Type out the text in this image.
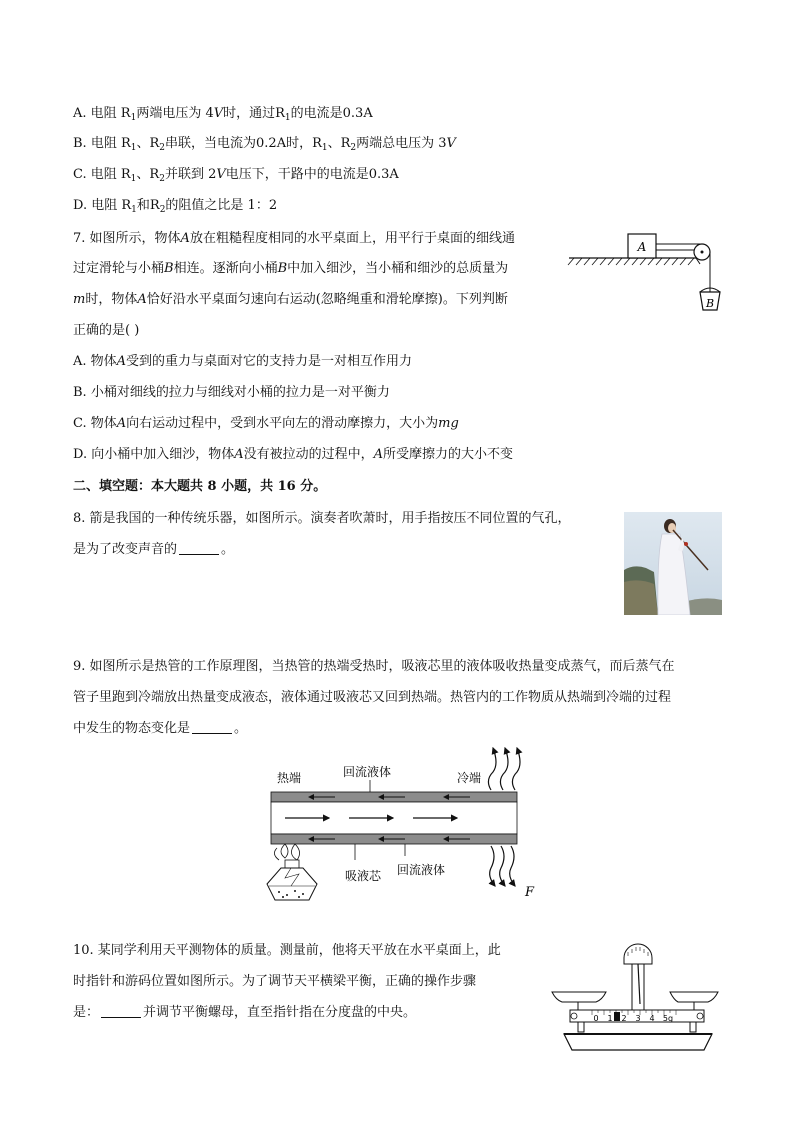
A. 电阻 $R_1$两端电压为 4V时，通过$R_1$的电流是0.3A
B. 电阻 $R_1$、$R_2$串联，当电流为0.2A时，$R_1$、$R_2$两端总电压为 3V
C. 电阻 $R_1$、$R_2$并联到 2V电压下，干路中的电流是0.3A
D. 电阻 $R_1$和$R_2$的阻值之比是 1：2
7. 如图所示，物体A放在粗糙程度相同的水平桌面上，用平行于桌面的细线通
过定滑轮与小桶B相连。逐渐向小桶B中加入细沙，当小桶和细沙的总质量为
m时，物体A恰好沿水平桌面匀速向右运动(忽略绳重和滑轮摩擦)。下列判断
正确的是( )
A. 物体A受到的重力与桌面对它的支持力是一对相互作用力
B. 小桶对细线的拉力与细线对小桶的拉力是一对平衡力
C. 物体A向右运动过程中，受到水平向左的滑动摩擦力，大小为mg
D. 向小桶中加入细沙，物体A没有被拉动的过程中，A所受摩擦力的大小不变
A
B
二、填空题：本大题共 8 小题，共 16 分。
8. 箭是我国的一种传统乐器，如图所示。演奏者吹萧时，用手指按压不同位置的气孔，
是为了改变声音的	。
9. 如图所示是热管的工作原理图，当热管的热端受热时，吸液芯里的液体吸收热量变成蒸气，而后蒸气在
管子里跑到冷端放出热量变成液态，液体通过吸液芯又回到热端。热管内的工作物质从热端到冷端的过程
中发生的物态变化是	。
热端	回流液体	冷端
吸液芯 回流液体
F
10. 某同学利用天平测物体的质量。测量前，他将天平放在水平桌面上，此
时指针和游码位置如图所示。为了调节天平横梁平衡，正确的操作步骤
是：	并调节平衡螺母，直至指针指在分度盘的中央。	0 1 2 3 4 5g
